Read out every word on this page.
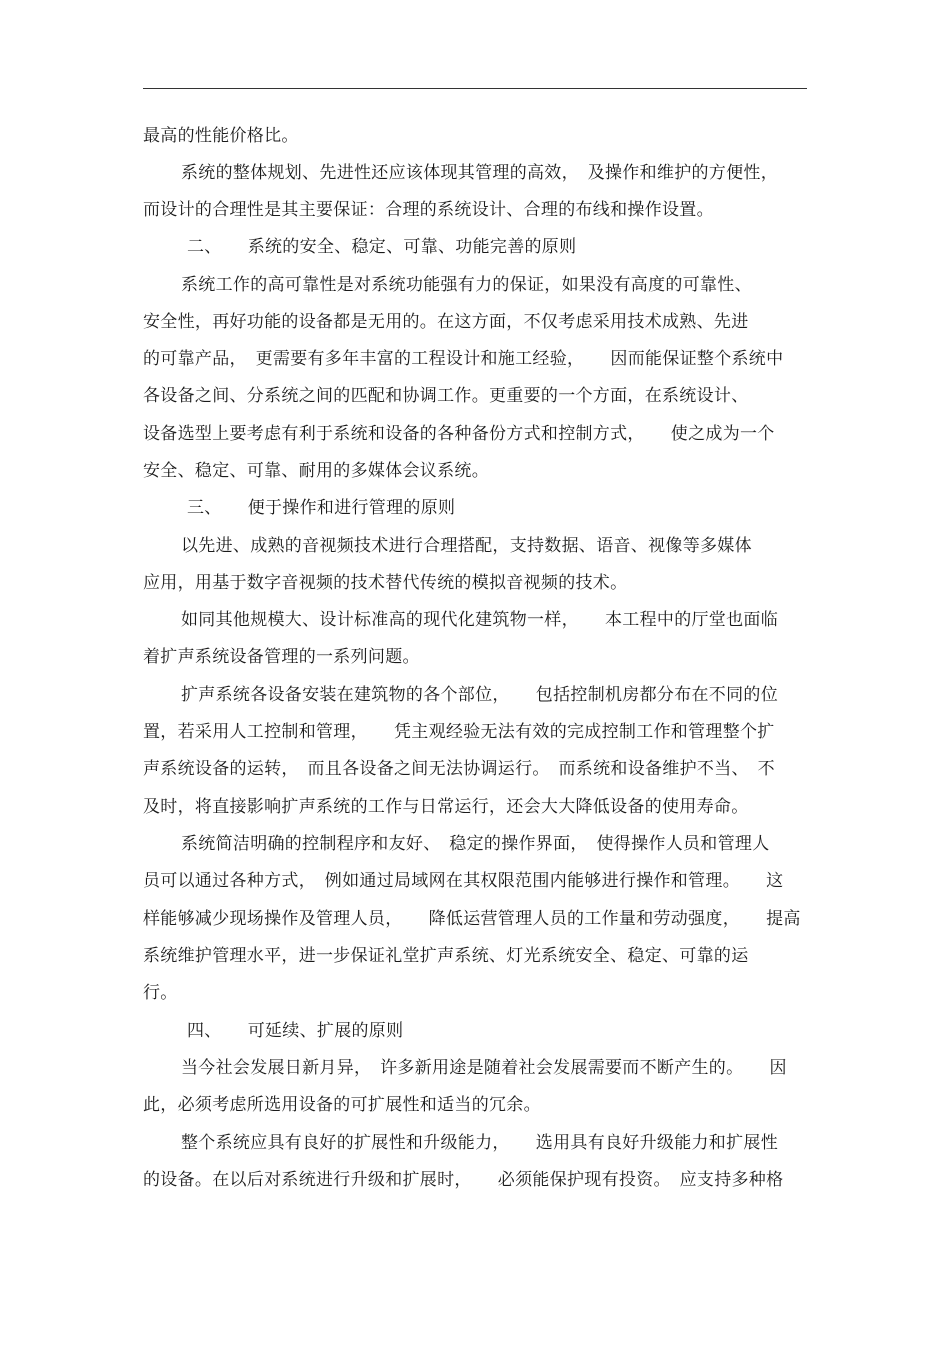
最高的性能价格比。
系统的整体规划、先进性还应该体现其管理的高效，　及操作和维护的方便性，
而设计的合理性是其主要保证：合理的系统设计、合理的布线和操作设置。
二、　　系统的安全、稳定、可靠、功能完善的原则
系统工作的高可靠性是对系统功能强有力的保证，如果没有高度的可靠性、
安全性，再好功能的设备都是无用的。在这方面，不仅考虑采用技术成熟、先进
的可靠产品，　更需要有多年丰富的工程设计和施工经验，　　因而能保证整个系统中
各设备之间、分系统之间的匹配和协调工作。更重要的一个方面，在系统设计、
设备选型上要考虑有利于系统和设备的各种备份方式和控制方式，　　使之成为一个
安全、稳定、可靠、耐用的多媒体会议系统。
三、　　便于操作和进行管理的原则
以先进、成熟的音视频技术进行合理搭配，支持数据、语音、视像等多媒体
应用，用基于数字音视频的技术替代传统的模拟音视频的技术。
如同其他规模大、设计标准高的现代化建筑物一样，　　本工程中的厅堂也面临
着扩声系统设备管理的一系列问题。
扩声系统各设备安装在建筑物的各个部位，　　包括控制机房都分布在不同的位
置，若采用人工控制和管理，　　凭主观经验无法有效的完成控制工作和管理整个扩
声系统设备的运转，　而且各设备之间无法协调运行。　而系统和设备维护不当、　不
及时，将直接影响扩声系统的工作与日常运行，还会大大降低设备的使用寿命。
系统简洁明确的控制程序和友好、　稳定的操作界面，　使得操作人员和管理人
员可以通过各种方式，　例如通过局域网在其权限范围内能够进行操作和管理。　　这
样能够减少现场操作及管理人员，　　降低运营管理人员的工作量和劳动强度，　　提高
系统维护管理水平，进一步保证礼堂扩声系统、灯光系统安全、稳定、可靠的运
行。
四、　　可延续、扩展的原则
当今社会发展日新月异，　许多新用途是随着社会发展需要而不断产生的。　　因
此，必须考虑所选用设备的可扩展性和适当的冗余。
整个系统应具有良好的扩展性和升级能力，　　选用具有良好升级能力和扩展性
的设备。在以后对系统进行升级和扩展时，　　必须能保护现有投资。　应支持多种格
